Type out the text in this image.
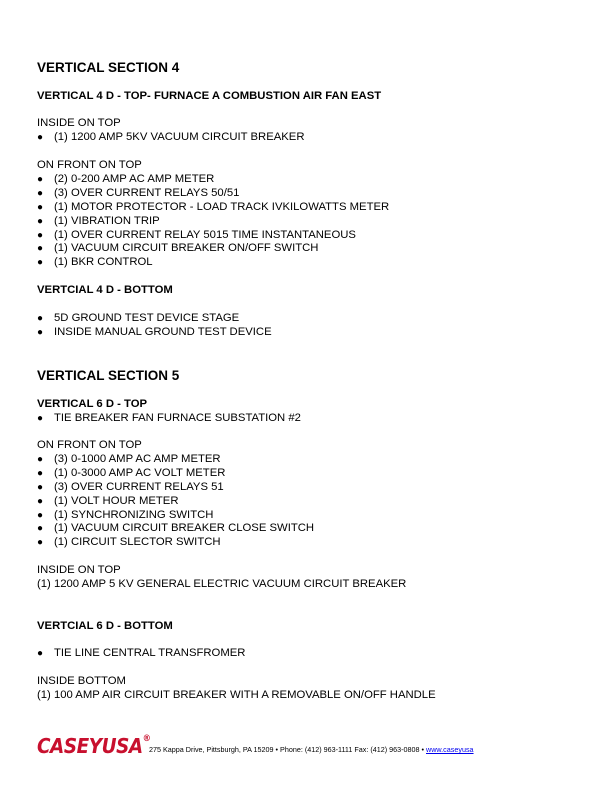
VERTICAL SECTION 4
VERTICAL 4 D - TOP- FURNACE A COMBUSTION AIR FAN EAST

INSIDE ON TOP

● (1) 1200 AMP 5KV VACUUM CIRCUIT BREAKER

ON FRONT ON TOP

● (2) 0-200 AMP AC AMP METER
● (3) OVER CURRENT RELAYS 50/51
● (1) MOTOR PROTECTOR - LOAD TRACK IVKILOWATTS METER
● (1) VIBRATION TRIP
● (1) OVER CURRENT RELAY 5015 TIME INSTANTANEOUS
● (1) VACUUM CIRCUIT BREAKER ON/OFF SWITCH
● (1) BKR CONTROL
VERTCIAL 4 D - BOTTOM
● 5D GROUND TEST DEVICE STAGE
● INSIDE MANUAL GROUND TEST DEVICE
VERTICAL SECTION 5
VERTICAL 6 D - TOP
● TIE BREAKER FAN FURNACE SUBSTATION #2

ON FRONT ON TOP

● (3) 0-1000 AMP AC AMP METER
● (1) 0-3000 AMP AC VOLT METER
● (3) OVER CURRENT RELAYS 51
● (1) VOLT HOUR METER
● (1) SYNCHRONIZING SWITCH
● (1) VACUUM CIRCUIT BREAKER CLOSE SWITCH
● (1) CIRCUIT SLECTOR SWITCH

INSIDE ON TOP

(1) 1200 AMP 5 KV GENERAL ELECTRIC VACUUM CIRCUIT BREAKER

VERTCIAL 6 D - BOTTOM
● TIE LINE CENTRAL TRANSFROMER

INSIDE BOTTOM

(1) 100 AMP AIR CIRCUIT BREAKER WITH A REMOVABLE ON/OFF HANDLE

CASEYUSA®
275 Kappa Drive, Pittsburgh, PA 15209 • Phone: (412) 963-1111 Fax: (412) 963-0808 • www.caseyusa
